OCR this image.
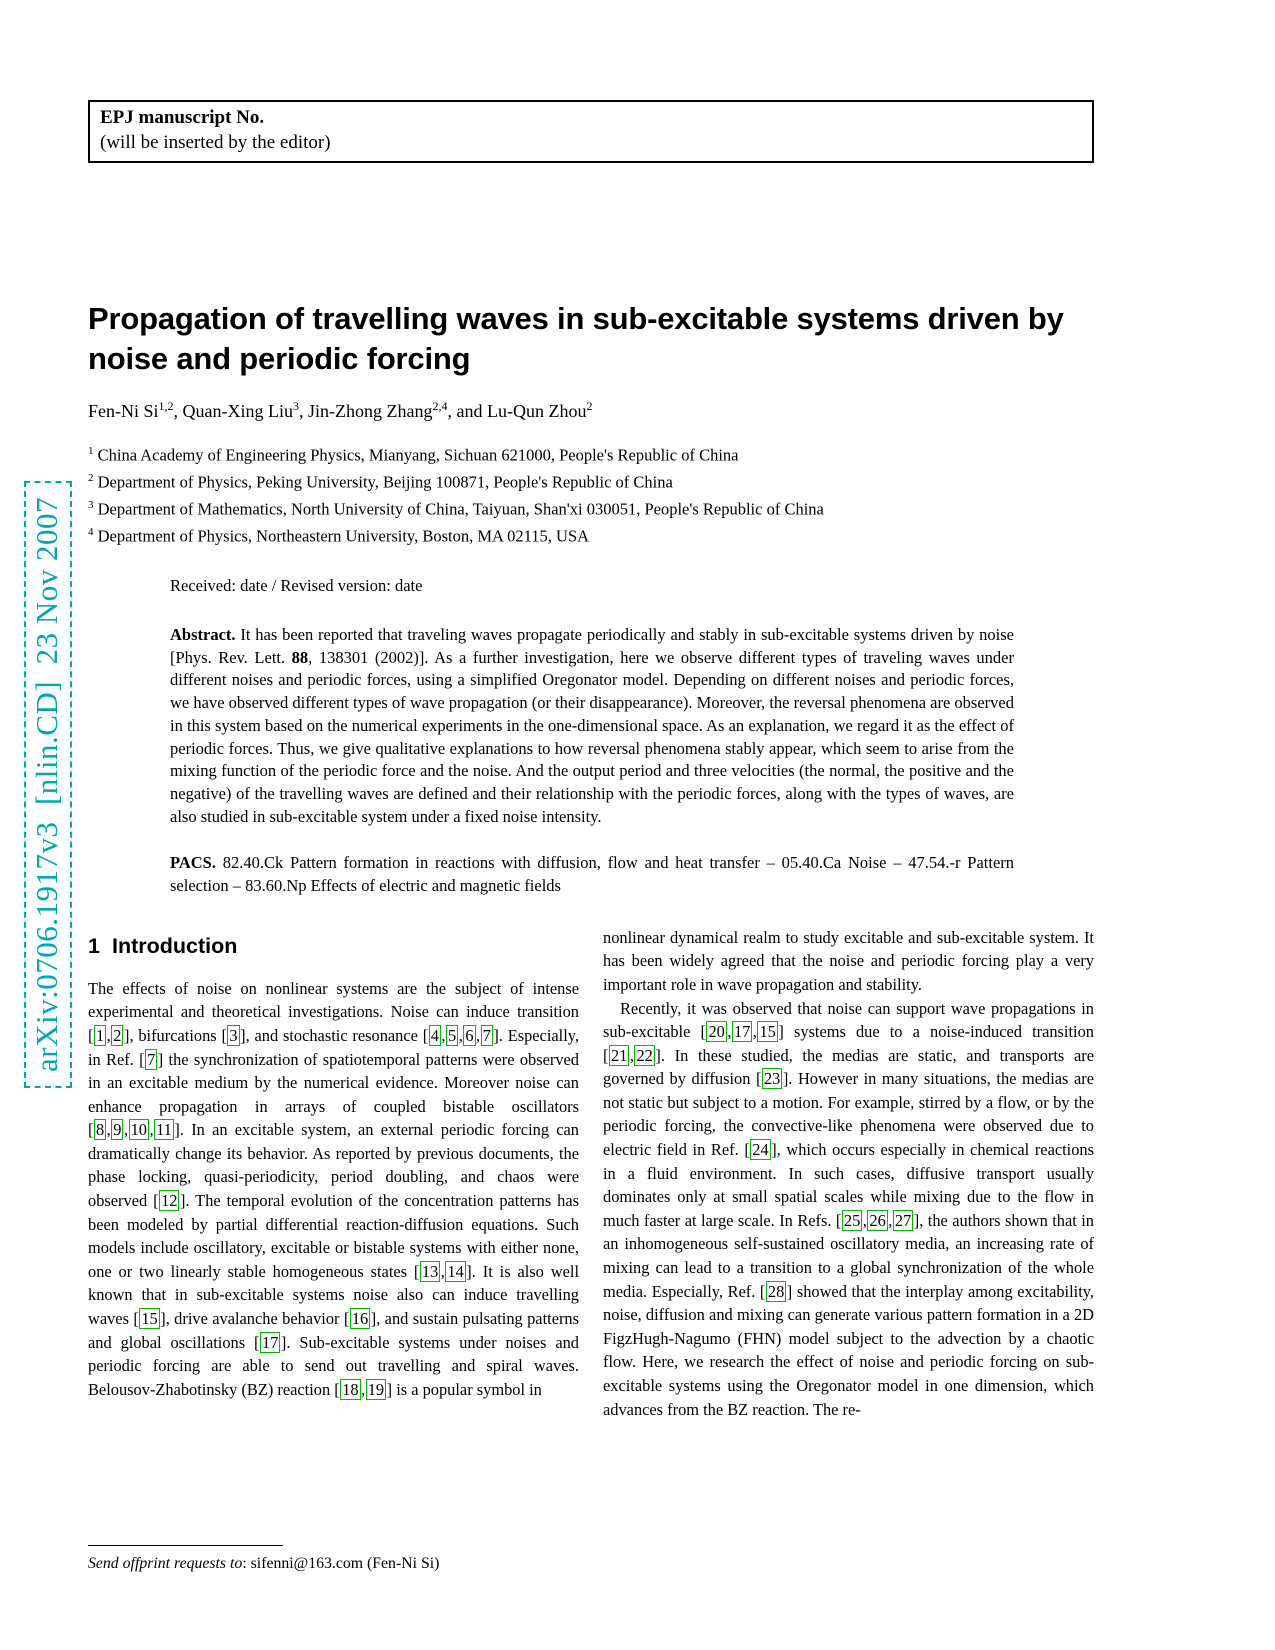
arXiv:0706.1917v3  [nlin.CD]  23 Nov 2007
EPJ manuscript No.
(will be inserted by the editor)
Propagation of travelling waves in sub-excitable systems driven by noise and periodic forcing
Fen-Ni Si$^{1,2}$, Quan-Xing Liu$^3$, Jin-Zhong Zhang$^{2,4}$, and Lu-Qun Zhou$^2$
$^1$ China Academy of Engineering Physics, Mianyang, Sichuan 621000, People's Republic of China
$^2$ Department of Physics, Peking University, Beijing 100871, People's Republic of China
$^3$ Department of Mathematics, North University of China, Taiyuan, Shan'xi 030051, People's Republic of China
$^4$ Department of Physics, Northeastern University, Boston, MA 02115, USA
Received: date / Revised version: date

Abstract. It has been reported that traveling waves propagate periodically and stably in sub-excitable systems driven by noise [Phys. Rev. Lett. 88, 138301 (2002)]. As a further investigation, here we observe different types of traveling waves under different noises and periodic forces, using a simplified Oregonator model. Depending on different noises and periodic forces, we have observed different types of wave propagation (or their disappearance). Moreover, the reversal phenomena are observed in this system based on the numerical experiments in the one-dimensional space. As an explanation, we regard it as the effect of periodic forces. Thus, we give qualitative explanations to how reversal phenomena stably appear, which seem to arise from the mixing function of the periodic force and the noise. And the output period and three velocities (the normal, the positive and the negative) of the travelling waves are defined and their relationship with the periodic forces, along with the types of waves, are also studied in sub-excitable system under a fixed noise intensity.

PACS. 82.40.Ck Pattern formation in reactions with diffusion, flow and heat transfer – 05.40.Ca Noise – 47.54.-r Pattern selection – 83.60.Np Effects of electric and magnetic fields

1 Introduction

The effects of noise on nonlinear systems are the subject of intense experimental and theoretical investigations. Noise can induce transition [ 1 , 2 ], bifurcations [ 3 ], and stochastic resonance [ 4 , 5 , 6 , 7 ]. Especially, in Ref. [ 7 ] the synchronization of spatiotemporal patterns were observed in an excitable medium by the numerical evidence. Moreover noise can enhance propagation in arrays of coupled bistable oscillators [ 8 , 9 , 10 , 11 ]. In an excitable system, an external periodic forcing can dramatically change its behavior. As reported by previous documents, the phase locking, quasi-periodicity, period doubling, and chaos were observed [ 12 ]. The temporal evolution of the concentration patterns has been modeled by partial differential reaction-diffusion equations. Such models include oscillatory, excitable or bistable systems with either none, one or two linearly stable homogeneous states [ 13 , 14 ]. It is also well known that in sub-excitable systems noise also can induce travelling waves [ 15 ], drive avalanche behavior [ 16 ], and sustain pulsating patterns and global oscillations [ 17 ]. Sub-excitable systems under noises and periodic forcing are able to send out travelling and spiral waves. Belousov-Zhabotinsky (BZ) reaction [ 18 , 19 ] is a popular symbol in

Send offprint requests to: sifenni@163.com (Fen-Ni Si)

nonlinear dynamical realm to study excitable and sub-excitable system. It has been widely agreed that the noise and periodic forcing play a very important role in wave propagation and stability.

Recently, it was observed that noise can support wave propagations in sub-excitable [ 20 , 17 , 15 ] systems due to a noise-induced transition [ 21 , 22 ]. In these studied, the medias are static, and transports are governed by diffusion [ 23 ]. However in many situations, the medias are not static but subject to a motion. For example, stirred by a flow, or by the periodic forcing, the convective-like phenomena were observed due to electric field in Ref. [ 24 ], which occurs especially in chemical reactions in a fluid environment. In such cases, diffusive transport usually dominates only at small spatial scales while mixing due to the flow in much faster at large scale. In Refs. [ 25 , 26 , 27 ], the authors shown that in an inhomogeneous self-sustained oscillatory media, an increasing rate of mixing can lead to a transition to a global synchronization of the whole media. Especially, Ref. [ 28 ] showed that the interplay among excitability, noise, diffusion and mixing can generate various pattern formation in a 2D FigzHugh-Nagumo (FHN) model subject to the advection by a chaotic flow. Here, we research the effect of noise and periodic forcing on sub-excitable systems using the Oregonator model in one dimension, which advances from the BZ reaction. The re-
